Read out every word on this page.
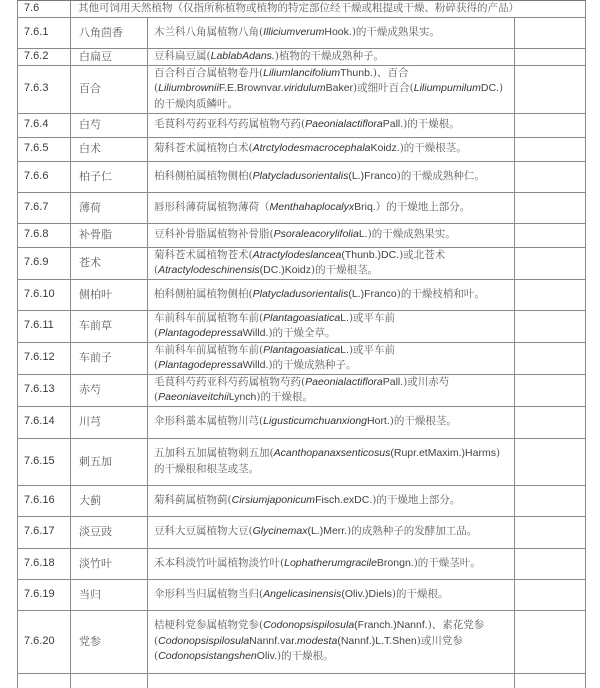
7.6	其他可饲用天然植物（仅指所称植物或植物的特定部位经干燥或粗提或干燥、粉碎获得的产品）		
7.6.1	八角茴香	木兰科八角属植物八角(IlliciumverumHook.)的干燥成熟果实。	
7.6.2	白扁豆	豆科扁豆属(LablabAdans.)植物的干燥成熟种子。	
7.6.3	百合	百合科百合属植物卷丹(LiliumlancifoliumThunb.)、百合(LiliumbrowniiF.E.Brownvar.viridulumBaker)或细叶百合(LiliumpumilumDC.)的干燥肉质鳞叶。	
7.6.4	白芍	毛茛科芍药亚科芍药属植物芍药(PaeonialactifloraPall.)的干燥根。	
7.6.5	白术	菊科苍术属植物白术(AtrctylodesmacrocephalaKoidz.)的干燥根茎。	
7.6.6	柏子仁	柏科侧柏属植物侧柏(Platycladusorientalis(L.)Franco)的干燥成熟种仁。	
7.6.7	薄荷	唇形科薄荷属植物薄荷（MenthahaplocalyxBriq.）的干燥地上部分。	
7.6.8	补骨脂	豆科补骨脂属植物补骨脂(PsoraleacorylifoliaL.)的干燥成熟果实。	
7.6.9	苍术	菊科苍术属植物苍术(Atractylodeslancea(Thunb.)DC.)或北苍术(Atractylodeschinensis(DC.)Koidz)的干燥根茎。	
7.6.10	侧柏叶	柏科侧柏属植物侧柏(Platycladusorientalis(L.)Franco)的干燥枝梢和叶。	
7.6.11	车前草	车前科车前属植物车前(PlantagoasiaticaL.)或平车前(PlantagodepressaWilld.)的干燥全草。	
7.6.12	车前子	车前科车前属植物车前(PlantagoasiaticaL.)或平车前(PlantagodepressaWilld.)的干燥成熟种子。	
7.6.13	赤芍	毛茛科芍药亚科芍药属植物芍药(PaeonialactifloraPall.)或川赤芍(PaeoniaveitchiiLynch)的干燥根。	
7.6.14	川芎	伞形科藁本属植物川芎(LigusticumchuanxiongHort.)的干燥根茎。	
7.6.15	刺五加	五加科五加属植物刺五加(Acanthopanaxsenticosus(Rupr.etMaxim.)Harms)的干燥根和根茎或茎。	
7.6.16	大蓟	菊科蓟属植物蓟(CirsiumjaponicumFisch.exDC.)的干燥地上部分。	
7.6.17	淡豆豉	豆科大豆属植物大豆(Glycinemax(L.)Merr.)的成熟种子的发酵加工品。	
7.6.18	淡竹叶	禾本科淡竹叶属植物淡竹叶(LophatherumgracileBrongn.)的干燥茎叶。	
7.6.19	当归	伞形科当归属植物当归(Angelicasinensis(Oliv.)Diels)的干燥根。	
7.6.20	党参	桔梗科党参属植物党参(Codonopsispilosula(Franch.)Nannf.)、素花党参(CodonopsispilosulaNannf.var.modesta(Nannf.)L.T.Shen)或川党参(CodonopsistangshenOliv.)的干燥根。	
